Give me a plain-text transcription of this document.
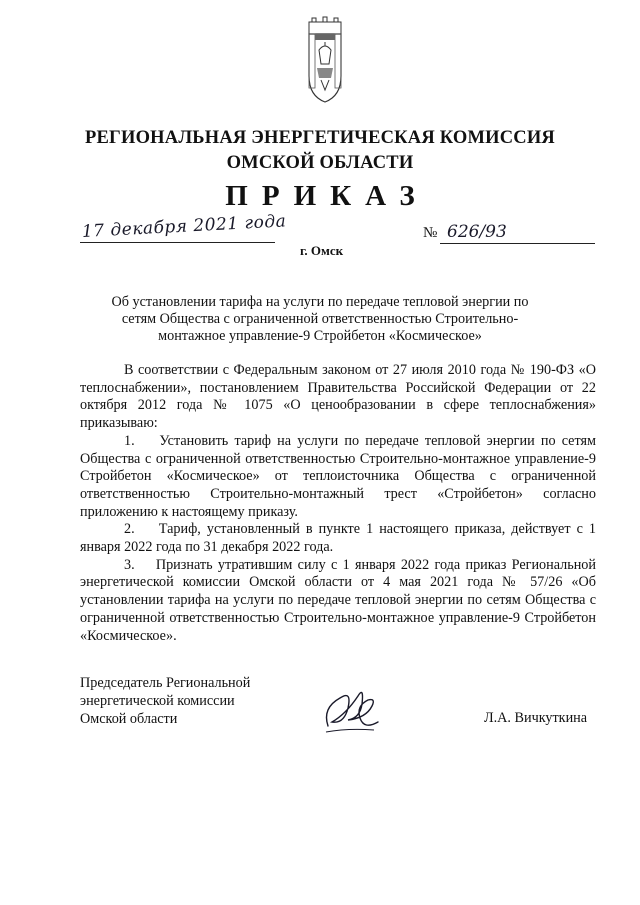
РЕГИОНАЛЬНАЯ ЭНЕРГЕТИЧЕСКАЯ КОМИССИЯ
ОМСКОЙ ОБЛАСТИ
ПРИКАЗ
17 декабря 2021 года
г. Омск
№ 626/93
Об установлении тарифа на услуги по передаче тепловой энергии по
сетям Общества с ограниченной ответственностью Строительно-
монтажное управление-9 Стройбетон «Космическое»

В соответствии с Федеральным законом от 27 июля 2010 года № 190-ФЗ «О теплоснабжении», постановлением Правительства Российской Федерации от 22 октября 2012 года № 1075 «О ценообразовании в сфере теплоснабжения» приказываю:

1.    Установить тариф на услуги по передаче тепловой энергии по сетям Общества с ограниченной ответственностью Строительно-монтажное управление-9 Стройбетон «Космическое» от теплоисточника Общества с ограниченной ответственностью Строительно-монтажный трест «Стройбетон» согласно приложению к настоящему приказу.

2.    Тариф, установленный в пункте 1 настоящего приказа, действует с 1 января 2022 года по 31 декабря 2022 года.

3.    Признать утратившим силу с 1 января 2022 года приказ Региональной энергетической комиссии Омской области от 4 мая 2021 года № 57/26 «Об установлении тарифа на услуги по передаче тепловой энергии по сетям Общества с ограниченной ответственностью Строительно-монтажное управление-9 Стройбетон «Космическое».

Председатель Региональной
энергетической комиссии
Омской области	Л.А. Вичкуткина
